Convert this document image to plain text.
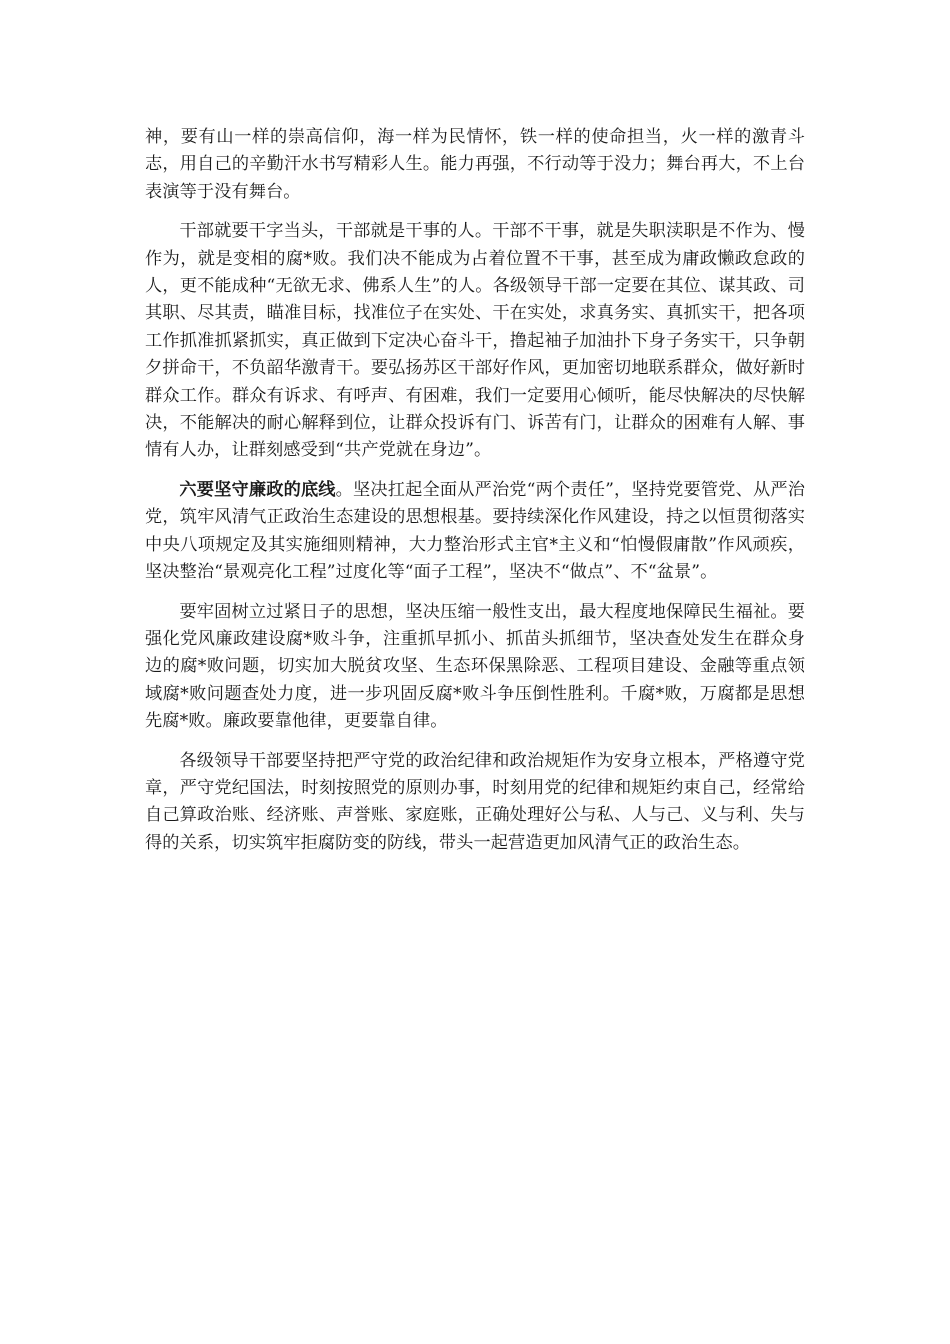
神，要有山一样的崇高信仰，海一样为民情怀，铁一样的使命担当，火一样的激青斗志，用自己的辛勤汗水书写精彩人生。能力再强，不行动等于没力；舞台再大，不上台表演等于没有舞台。

干部就要干字当头，干部就是干事的人。干部不干事，就是失职渎职是不作为、慢作为，就是变相的腐*败。我们决不能成为占着位置不干事，甚至成为庸政懒政怠政的人，更不能成种“无欲无求、佛系人生”的人。各级领导干部一定要在其位、谋其政、司其职、尽其责，瞄准目标，找准位子在实处、干在实处，求真务实、真抓实干，把各项工作抓准抓紧抓实，真正做到下定决心奋斗干，撸起袖子加油扑下身子务实干，只争朝夕拼命干，不负韶华激青干。要弘扬苏区干部好作风，更加密切地联系群众，做好新时群众工作。群众有诉求、有呼声、有困难，我们一定要用心倾听，能尽快解决的尽快解决，不能解决的耐心解释到位，让群众投诉有门、诉苦有门，让群众的困难有人解、事情有人办，让群刻感受到“共产党就在身边”。

六要坚守廉政的底线。坚决扛起全面从严治党“两个责任”，坚持党要管党、从严治党，筑牢风清气正政治生态建设的思想根基。要持续深化作风建设，持之以恒贯彻落实中央八项规定及其实施细则精神，大力整治形式主官*主义和“怕慢假庸散”作风顽疾，坚决整治“景观亮化工程”过度化等“面子工程”，坚决不“做点”、不“盆景”。

要牢固树立过紧日子的思想，坚决压缩一般性支出，最大程度地保障民生福祉。要强化党风廉政建设腐*败斗争，注重抓早抓小、抓苗头抓细节，坚决查处发生在群众身边的腐*败问题，切实加大脱贫攻坚、生态环保黑除恶、工程项目建设、金融等重点领域腐*败问题查处力度，进一步巩固反腐*败斗争压倒性胜利。千腐*败，万腐都是思想先腐*败。廉政要靠他律，更要靠自律。

各级领导干部要坚持把严守党的政治纪律和政治规矩作为安身立根本，严格遵守党章，严守党纪国法，时刻按照党的原则办事，时刻用党的纪律和规矩约束自己，经常给自己算政治账、经济账、声誉账、家庭账，正确处理好公与私、人与己、义与利、失与得的关系，切实筑牢拒腐防变的防线，带头一起营造更加风清气正的政治生态。
